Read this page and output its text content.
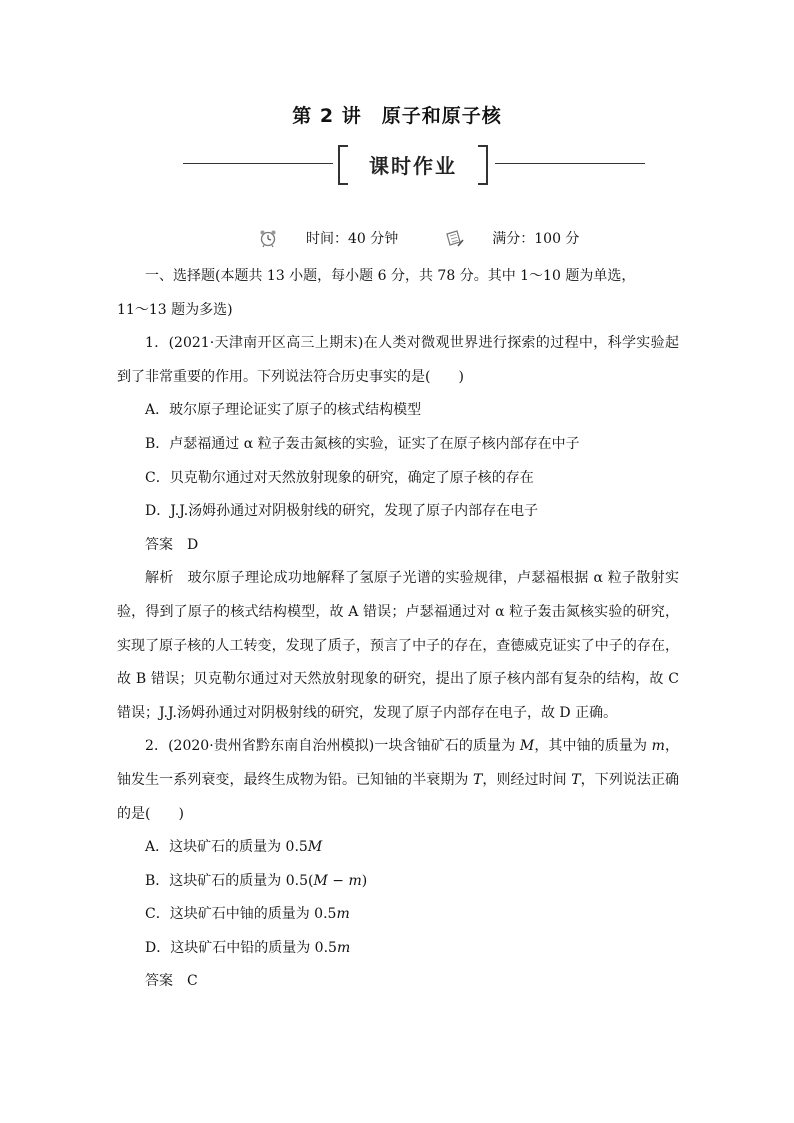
第 2 讲　原子和原子核
课时作业
时间：40 分钟	满分：100 分

一、选择题(本题共 13 小题，每小题 6 分，共 78 分。其中 1～10 题为单选，

11～13 题为多选)

1．(2021·天津南开区高三上期末)在人类对微观世界进行探索的过程中，科学实验起到了非常重要的作用。下列说法符合历史事实的是(　　)

A．玻尔原子理论证实了原子的核式结构模型

B．卢瑟福通过 α 粒子轰击氮核的实验，证实了在原子核内部存在中子

C．贝克勒尔通过对天然放射现象的研究，确定了原子核的存在

D．J.J.汤姆孙通过对阴极射线的研究，发现了原子内部存在电子

答案 D

解析 玻尔原子理论成功地解释了氢原子光谱的实验规律，卢瑟福根据 α 粒子散射实验，得到了原子的核式结构模型，故 A 错误；卢瑟福通过对 α 粒子轰击氮核实验的研究，实现了原子核的人工转变，发现了质子，预言了中子的存在，查德威克证实了中子的存在，故 B 错误；贝克勒尔通过对天然放射现象的研究，提出了原子核内部有复杂的结构，故 C 错误；J.J.汤姆孙通过对阴极射线的研究，发现了原子内部存在电子，故 D 正确。

2．(2020·贵州省黔东南自治州模拟)一块含铀矿石的质量为 M，其中铀的质量为 m，铀发生一系列衰变，最终生成物为铅。已知铀的半衰期为 T，则经过时间 T，下列说法正确的是(　　)

A．这块矿石的质量为 0.5M

B．这块矿石的质量为 0.5(M − m)

C．这块矿石中铀的质量为 0.5m

D．这块矿石中铅的质量为 0.5m

答案 C
